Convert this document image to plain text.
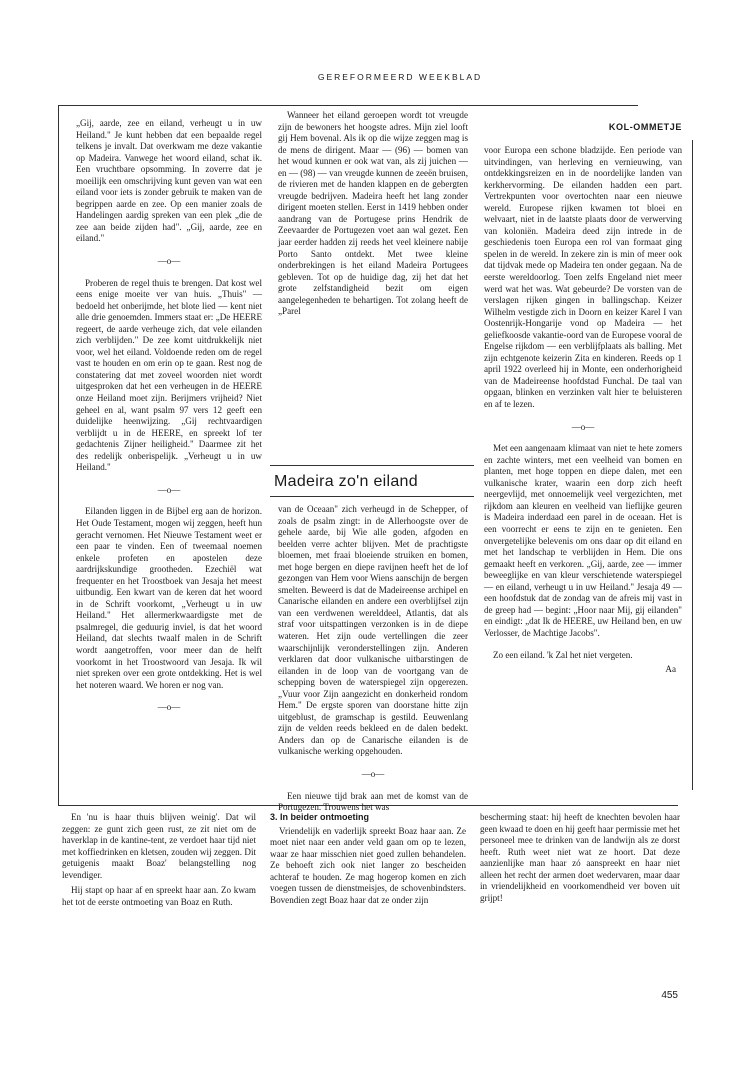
GEREFORMEERD WEEKBLAD
KOL-OMMETJE

„Gij, aarde, zee en eiland, verheugt u in uw Heiland." Je kunt hebben dat een bepaalde regel telkens je invalt. Dat overkwam me deze vakantie op Madeira. Vanwege het woord eiland, schat ik. Een vruchtbare opsomming. In zoverre dat je moeilijk een omschrijving kunt geven van wat een eiland voor iets is zonder gebruik te maken van de begrippen aarde en zee. Op een manier zoals de Handelingen aardig spreken van een plek „die de zee aan beide zijden had". „Gij, aarde, zee en eiland."

—o—

Proberen de regel thuis te brengen. Dat kost wel eens enige moeite ver van huis. „Thuis" — bedoeld het onberijmde, het blote lied — kent niet alle drie genoemden. Immers staat er: „De HEERE regeert, de aarde verheuge zich, dat vele eilanden zich verblijden." De zee komt uitdrukkelijk niet voor, wel het eiland. Voldoende reden om de regel vast te houden en om erin op te gaan. Rest nog de constatering dat met zoveel woorden niet wordt uitgesproken dat het een verheugen in de HEERE onze Heiland moet zijn. Berijmers vrijheid? Niet geheel en al, want psalm 97 vers 12 geeft een duidelijke heenwijzing. „Gij rechtvaardigen verblijdt u in de HEERE, en spreekt lof ter gedachtenis Zijner heiligheid." Daarmee zit het des redelijk onberispelijk. „Verheugt u in uw Heiland."

—o—

Eilanden liggen in de Bijbel erg aan de horizon. Het Oude Testament, mogen wij zeggen, heeft hun geracht vernomen. Het Nieuwe Testament weet er een paar te vinden. Een of tweemaal noemen enkele profeten en apostelen deze aardrijkskundige grootheden. Ezechiël wat frequenter en het Troostboek van Jesaja het meest uitbundig. Een kwart van de keren dat het woord in de Schrift voorkomt, „Verheugt u in uw Heiland." Het allermerkwaardigste met de psalmregel, die geduurig inviel, is dat het woord Heiland, dat slechts twaalf malen in de Schrift wordt aangetroffen, voor meer dan de helft voorkomt in het Troostwoord van Jesaja. Ik wil niet spreken over een grote ontdekking. Het is wel het noteren waard. We horen er nog van.

—o—

Wanneer het eiland geroepen wordt tot vreugde zijn de bewoners het hoogste adres. Mijn ziel looft gij Hem bovenal. Als ik op die wijze zeggen mag is de mens de dirigent. Maar — (96) — bomen van het woud kunnen er ook wat van, als zij juichen — en — (98) — van vreugde kunnen de zeeën bruisen, de rivieren met de handen klappen en de gebergten vreugde bedrijven. Madeira heeft het lang zonder dirigent moeten stellen. Eerst in 1419 hebben onder aandrang van de Portugese prins Hendrik de Zeevaarder de Portugezen voet aan wal gezet. Een jaar eerder hadden zij reeds het veel kleinere nabije Porto Santo ontdekt. Met twee kleine onderbrekingen is het eiland Madeira Portugees gebleven. Tot op de huidige dag, zij het dat het grote zelfstandigheid bezit om eigen aangelegenheden te behartigen. Tot zolang heeft de „Parel

Madeira zo'n eiland

van de Oceaan" zich verheugd in de Schepper, of zoals de psalm zingt: in de Allerhoogste over de gehele aarde, bij Wie alle goden, afgoden en beelden verre achter blijven. Met de prachtigste bloemen, met fraai bloeiende struiken en bomen, met hoge bergen en diepe ravijnen heeft het de lof gezongen van Hem voor Wiens aanschijn de bergen smelten. Beweerd is dat de Madeireense archipel en Canarische eilanden en andere een overblijfsel zijn van een verdwenen werelddeel, Atlantis, dat als straf voor uitspattingen verzonken is in de diepe wateren. Het zijn oude vertellingen die zeer waarschijnlijk veronderstellingen zijn. Anderen verklaren dat door vulkanische uitbarstingen de eilanden in de loop van de voortgang van de schepping boven de waterspiegel zijn opgerezen. „Vuur voor Zijn aangezicht en donkerheid rondom Hem." De ergste sporen van doorstane hitte zijn uitgeblust, de gramschap is gestild. Eeuwenlang zijn de velden reeds bekleed en de dalen bedekt. Anders dan op de Canarische eilanden is de vulkanische werking opgehouden.

—o—

Een nieuwe tijd brak aan met de komst van de Portugezen. Trouwens het was

voor Europa een schone bladzijde. Een periode van uitvindingen, van herleving en vernieuwing, van ontdekkingsreizen en in de noordelijke landen van kerkhervorming. De eilanden hadden een part. Vertrekpunten voor overtochten naar een nieuwe wereld. Europese rijken kwamen tot bloei en welvaart, niet in de laatste plaats door de verwerving van koloniën. Madeira deed zijn intrede in de geschiedenis toen Europa een rol van formaat ging spelen in de wereld. In zekere zin is min of meer ook dat tijdvak mede op Madeira ten onder gegaan. Na de eerste wereldoorlog. Toen zelfs Engeland niet meer werd wat het was. Wat gebeurde? De vorsten van de verslagen rijken gingen in ballingschap. Keizer Wilhelm vestigde zich in Doorn en keizer Karel I van Oostenrijk-Hongarije vond op Madeira — het geliefkoosde vakantie-oord van de Europese vooral de Engelse rijkdom — een verblijfplaats als balling. Met zijn echtgenote keizerin Zita en kinderen. Reeds op 1 april 1922 overleed hij in Monte, een onderhorigheid van de Madeireense hoofdstad Funchal. De taal van opgaan, blinken en verzinken valt hier te beluisteren en af te lezen.

—o—

Met een aangenaam klimaat van niet te hete zomers en zachte winters, met een veelheid van bomen en planten, met hoge toppen en diepe dalen, met een vulkanische krater, waarin een dorp zich heeft neergevlijd, met onnoemelijk veel vergezichten, met rijkdom aan kleuren en veelheid van lieflijke geuren is Madeira inderdaad een parel in de oceaan. Het is een voorrecht er eens te zijn en te genieten. Een onvergetelijke belevenis om ons daar op dit eiland en met het landschap te verblijden in Hem. Die ons gemaakt heeft en verkoren. „Gij, aarde, zee — immer beweeglijke en van kleur verschietende waterspiegel — en eiland, verheugt u in uw Heiland." Jesaja 49 — een hoofdstuk dat de zondag van de afreis mij vast in de greep had — begint: „Hoor naar Mij, gij eilanden" en eindigt: „dat Ik de HEERE, uw Heiland ben, en uw Verlosser, de Machtige Jacobs".

Zo een eiland. 'k Zal het niet vergeten.

Aa

En 'nu is haar thuis blijven weinig'. Dat wil zeggen: ze gunt zich geen rust, ze zit niet om de haverklap in de kantine-tent, ze verdoet haar tijd niet met koffiedrinken en kletsen, zouden wij zeggen. Dit getuigenis maakt Boaz' belangstelling nog levendiger.

Hij stapt op haar af en spreekt haar aan. Zo kwam het tot de eerste ontmoeting van Boaz en Ruth.

3. In beider ontmoeting

Vriendelijk en vaderlijk spreekt Boaz haar aan. Ze moet niet naar een ander veld gaan om op te lezen, waar ze haar misschien niet goed zullen behandelen. Ze behoeft zich ook niet langer zo bescheiden achteraf te houden. Ze mag hogerop komen en zich voegen tussen de dienstmeisjes, de schovenbindsters. Bovendien zegt Boaz haar dat ze onder zijn

bescherming staat: hij heeft de knechten bevolen haar geen kwaad te doen en hij geeft haar permissie met het personeel mee te drinken van de landwijn als ze dorst heeft. Ruth weet niet wat ze hoort. Dat deze aanzienlijke man haar zó aanspreekt en haar niet alleen het recht der armen doet wedervaren, maar daar in vriendelijkheid en voorkomendheid ver boven uit grijpt!

455
